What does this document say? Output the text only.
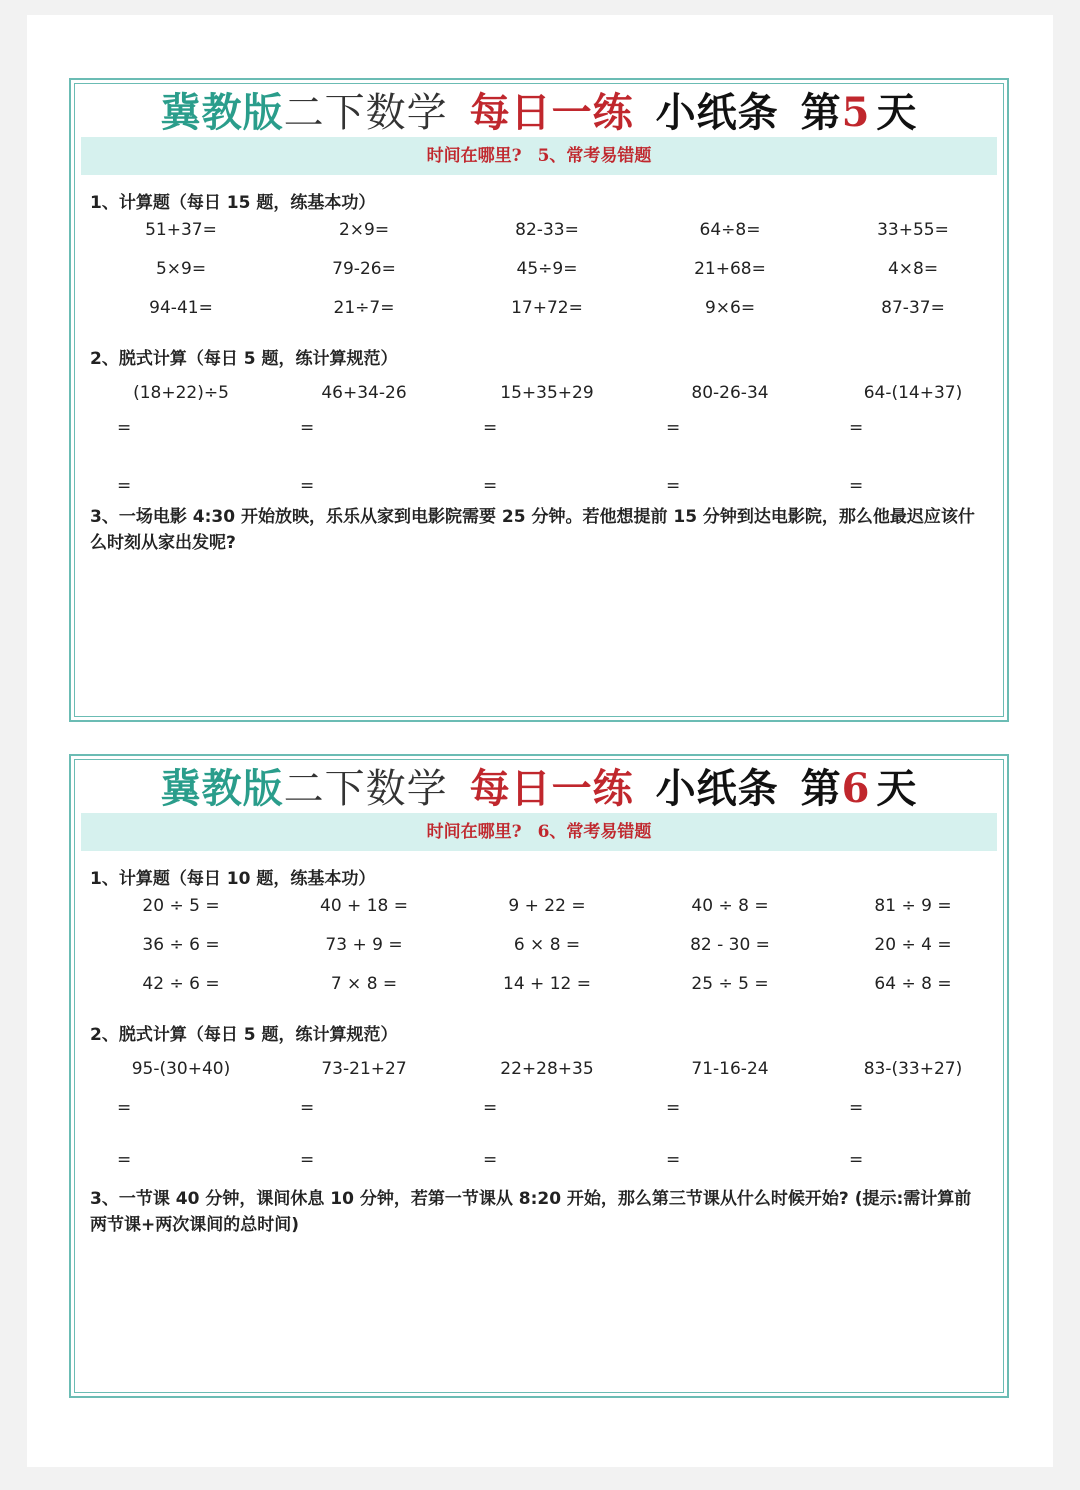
冀教版二下数学 每日一练 小纸条 第5 天
时间在哪里? 5、常考易错题
1、计算题（每日 15 题，练基本功）
51+37=	2×9=	82-33=	64÷8=	33+55=
5×9=	79-26=	45÷9=	21+68=	4×8=
94-41=	21÷7=	17+72=	9×6=	87-37=
2、脱式计算（每日 5 题，练计算规范）
(18+22)÷5	46+34-26	15+35+29	80-26-34	64-(14+37)
=	=	=	=	=
=	=	=	=	=
3、一场电影 4:30 开始放映，乐乐从家到电影院需要 25 分钟。若他想提前 15 分钟到达电影院，那么他最迟应该什么时刻从家出发呢?
冀教版二下数学 每日一练 小纸条 第6 天
时间在哪里? 6、常考易错题
1、计算题（每日 10 题，练基本功）
20 ÷ 5 =	40 + 18 =	9 + 22 =	40 ÷ 8 =	81 ÷ 9 =
36 ÷ 6 =	73 + 9 =	6 × 8 =	82 - 30 =	20 ÷ 4 =
42 ÷ 6 =	7 × 8 =	14 + 12 =	25 ÷ 5 =	64 ÷ 8 =
2、脱式计算（每日 5 题，练计算规范）
95-(30+40)	73-21+27	22+28+35	71-16-24	83-(33+27)
=	=	=	=	=
=	=	=	=	=
3、一节课 40 分钟，课间休息 10 分钟，若第一节课从 8:20 开始，那么第三节课从什么时候开始? (提示:需计算前两节课+两次课间的总时间)
